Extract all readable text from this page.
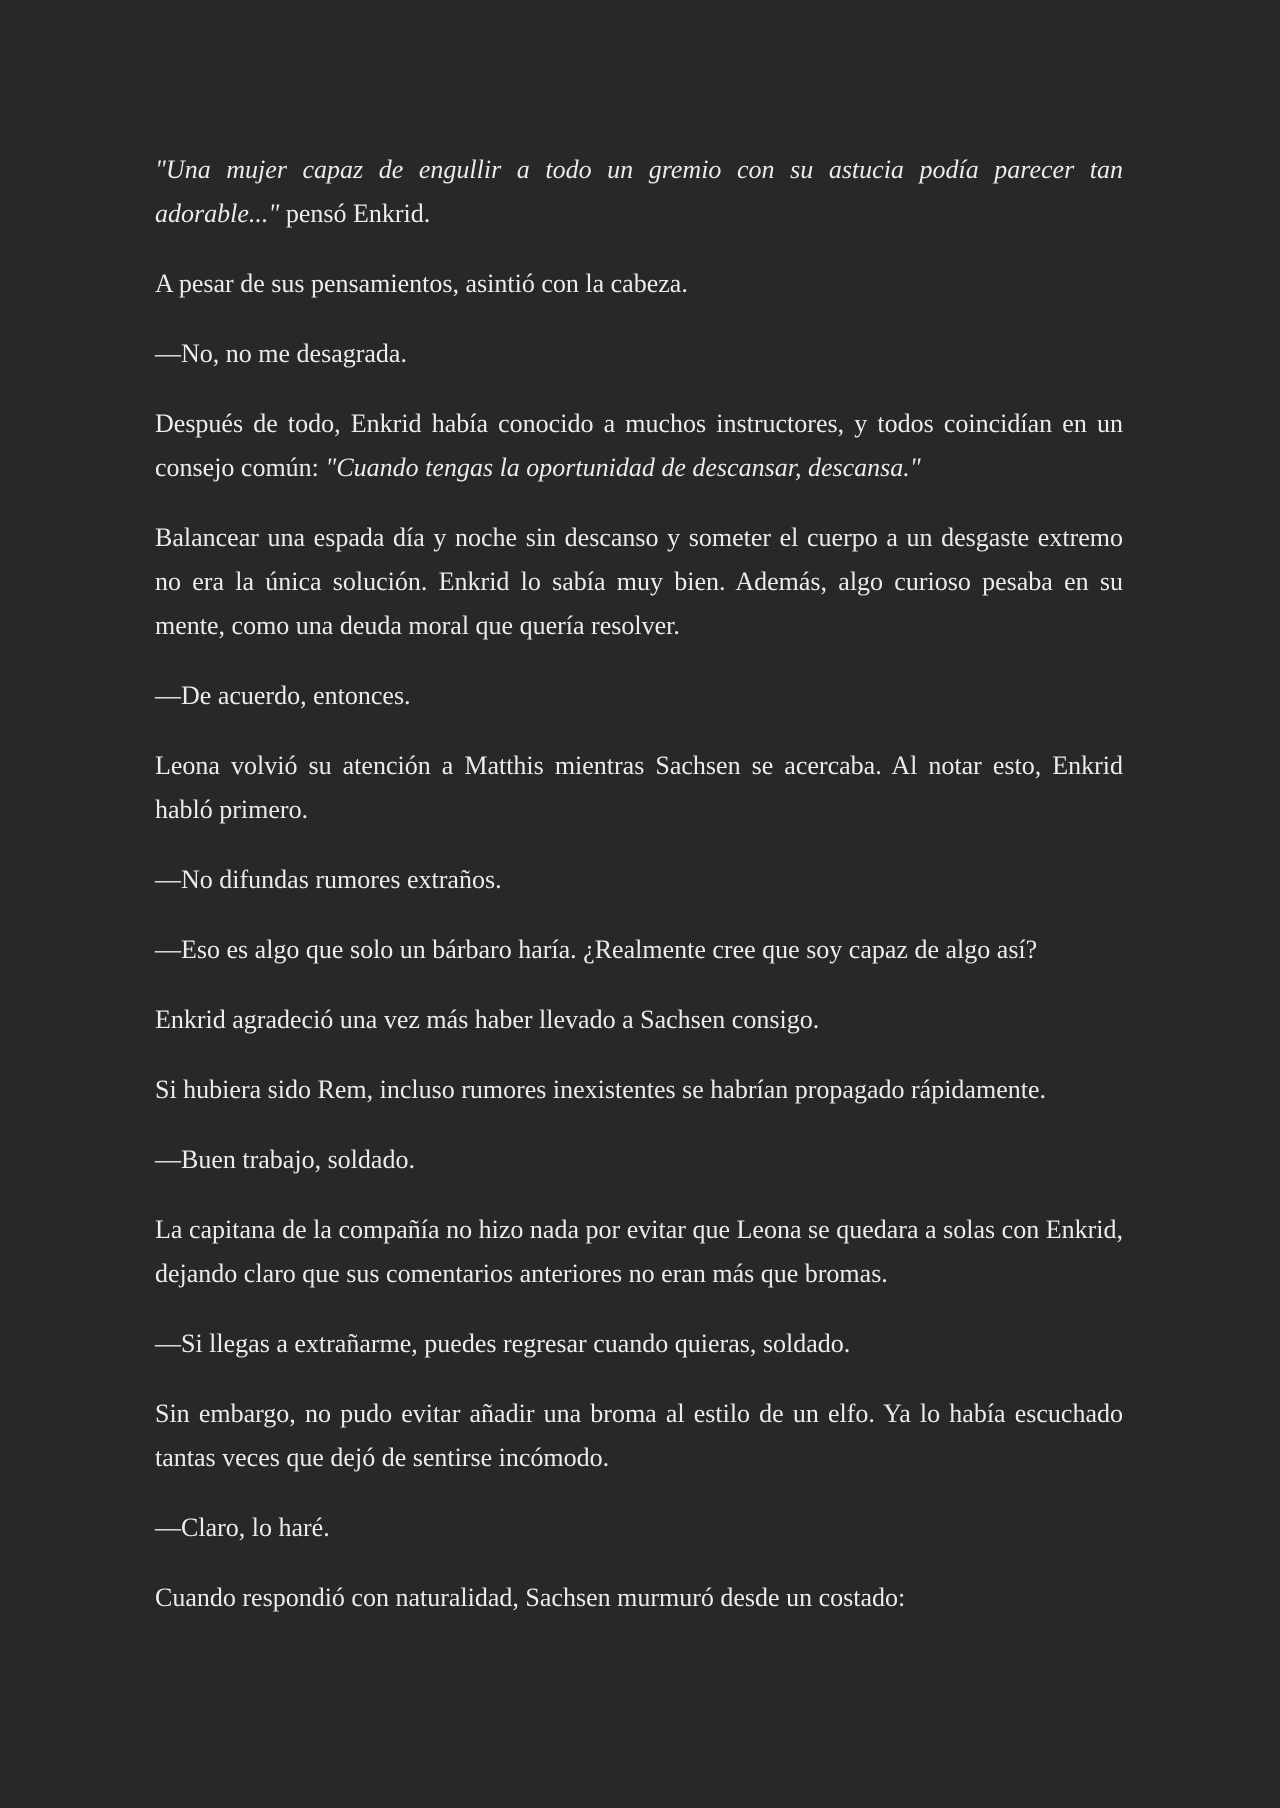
"Una mujer capaz de engullir a todo un gremio con su astucia podía parecer tan adorable..." pensó Enkrid.

A pesar de sus pensamientos, asintió con la cabeza.

—No, no me desagrada.

Después de todo, Enkrid había conocido a muchos instructores, y todos coincidían en un consejo común: "Cuando tengas la oportunidad de descansar, descansa."

Balancear una espada día y noche sin descanso y someter el cuerpo a un desgaste extremo no era la única solución. Enkrid lo sabía muy bien. Además, algo curioso pesaba en su mente, como una deuda moral que quería resolver.

—De acuerdo, entonces.

Leona volvió su atención a Matthis mientras Sachsen se acercaba. Al notar esto, Enkrid habló primero.

—No difundas rumores extraños.

—Eso es algo que solo un bárbaro haría. ¿Realmente cree que soy capaz de algo así?

Enkrid agradeció una vez más haber llevado a Sachsen consigo.

Si hubiera sido Rem, incluso rumores inexistentes se habrían propagado rápidamente.

—Buen trabajo, soldado.

La capitana de la compañía no hizo nada por evitar que Leona se quedara a solas con Enkrid, dejando claro que sus comentarios anteriores no eran más que bromas.

—Si llegas a extrañarme, puedes regresar cuando quieras, soldado.

Sin embargo, no pudo evitar añadir una broma al estilo de un elfo. Ya lo había escuchado tantas veces que dejó de sentirse incómodo.

—Claro, lo haré.

Cuando respondió con naturalidad, Sachsen murmuró desde un costado:
